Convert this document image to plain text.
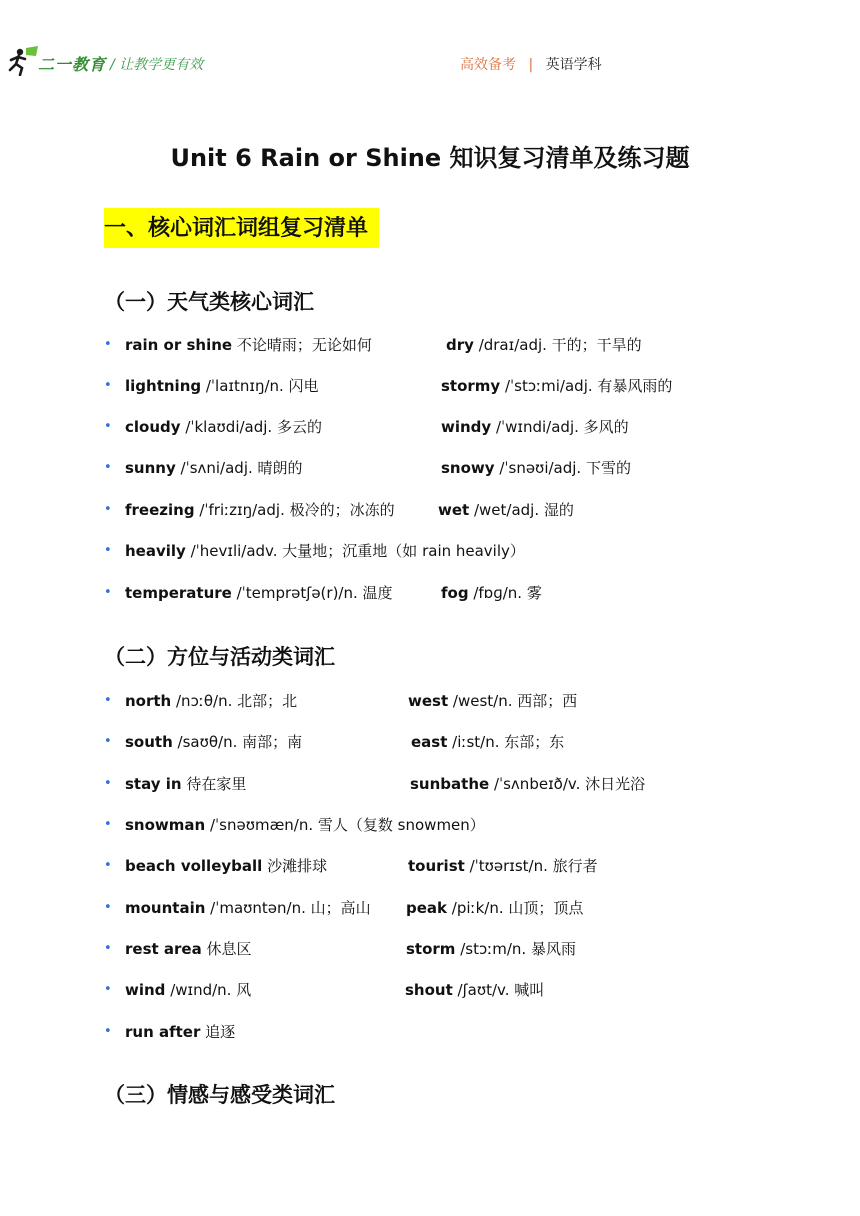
二一教育 / 让教学更有效	高效备考 | 英语学科
Unit 6 Rain or Shine 知识复习清单及练习题
一、核心词汇词组复习清单
（一）天气类核心词汇
• rain or shine 不论晴雨；无论如何	dry /draɪ/adj. 干的；干旱的
• lightning /ˈlaɪtnɪŋ/n. 闪电	stormy /ˈstɔːmi/adj. 有暴风雨的
• cloudy /ˈklaʊdi/adj. 多云的	windy /ˈwɪndi/adj. 多风的
• sunny /ˈsʌni/adj. 晴朗的	snowy /ˈsnəʊi/adj. 下雪的
• freezing /ˈfriːzɪŋ/adj. 极冷的；冰冻的	wet /wet/adj. 湿的
• heavily /ˈhevɪli/adv. 大量地；沉重地（如 rain heavily）
• temperature /ˈtemprətʃə(r)/n. 温度	fog /fɒɡ/n. 雾
（二）方位与活动类词汇
• north /nɔːθ/n. 北部；北	west /west/n. 西部；西
• south /saʊθ/n. 南部；南	east /iːst/n. 东部；东
• stay in 待在家里	sunbathe /ˈsʌnbeɪð/v. 沐日光浴
• snowman /ˈsnəʊmæn/n. 雪人（复数 snowmen）
• beach volleyball 沙滩排球	tourist /ˈtʊərɪst/n. 旅行者
• mountain /ˈmaʊntən/n. 山；高山 peak /piːk/n. 山顶；顶点
• rest area 休息区	storm /stɔːm/n. 暴风雨
• wind /wɪnd/n. 风	shout /ʃaʊt/v. 喊叫
• run after 追逐
（三）情感与感受类词汇
